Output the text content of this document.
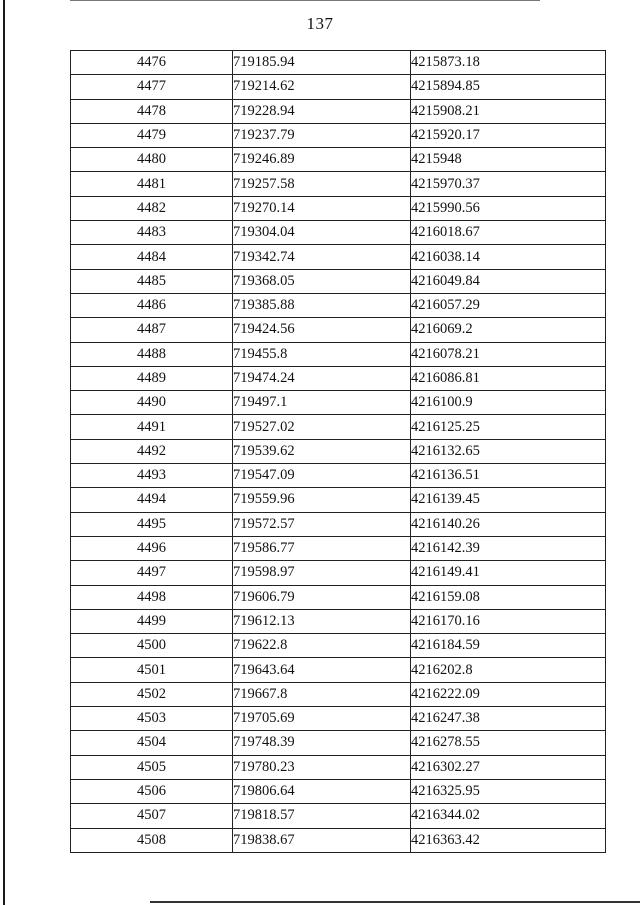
137
4476	719185.94	4215873.18
4477	719214.62	4215894.85
4478	719228.94	4215908.21
4479	719237.79	4215920.17
4480	719246.89	4215948
4481	719257.58	4215970.37
4482	719270.14	4215990.56
4483	719304.04	4216018.67
4484	719342.74	4216038.14
4485	719368.05	4216049.84
4486	719385.88	4216057.29
4487	719424.56	4216069.2
4488	719455.8	4216078.21
4489	719474.24	4216086.81
4490	719497.1	4216100.9
4491	719527.02	4216125.25
4492	719539.62	4216132.65
4493	719547.09	4216136.51
4494	719559.96	4216139.45
4495	719572.57	4216140.26
4496	719586.77	4216142.39
4497	719598.97	4216149.41
4498	719606.79	4216159.08
4499	719612.13	4216170.16
4500	719622.8	4216184.59
4501	719643.64	4216202.8
4502	719667.8	4216222.09
4503	719705.69	4216247.38
4504	719748.39	4216278.55
4505	719780.23	4216302.27
4506	719806.64	4216325.95
4507	719818.57	4216344.02
4508	719838.67	4216363.42
